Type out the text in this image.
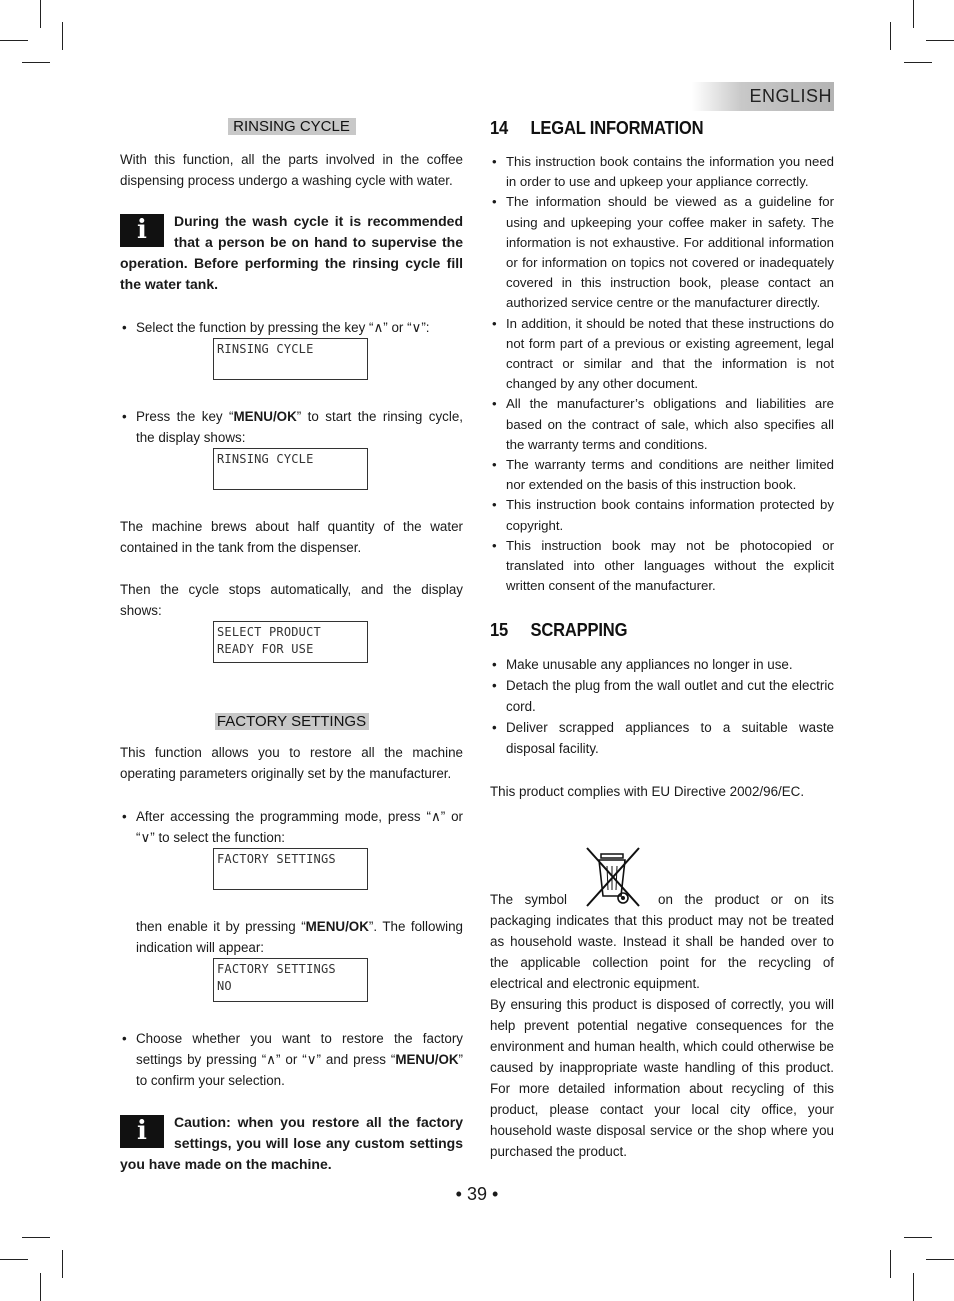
ENGLISH
RINSING CYCLE

With this function, all the parts involved in the coffee dispensing process undergo a washing cycle with water.

i	During the wash cycle it is recommended that a person be on hand to supervise the operation. Before performing the rinsing cycle fill the water tank.

• Select the function by pressing the key “∧” or “∨”:
RINSING CYCLE
• Press the key “MENU/OK” to start the rinsing cycle, the display shows:
RINSING CYCLE

The machine brews about half quantity of the water contained in the tank from the dispenser.

Then the cycle stops automatically, and the display shows:

SELECT PRODUCT
READY FOR USE
FACTORY SETTINGS

This function allows you to restore all the machine operating parameters originally set by the manufacturer.

• After accessing the programming mode, press “∧” or “∨” to select the function:
FACTORY SETTINGS
then enable it by pressing “MENU/OK”. The following indication will appear:
FACTORY SETTINGS
NO
• Choose whether you want to restore the factory settings by pressing “∧” or “∨” and press “MENU/OK” to confirm your selection.
i	Caution: when you restore all the factory settings, you will lose any custom settings you have made on the machine.

14 LEGAL INFORMATION
• This instruction book contains the information you need in order to use and upkeep your appliance correctly.
• The information should be viewed as a guideline for using and upkeeping your coffee maker in safety. The information is not exhaustive. For additional information or for information on topics not covered or inadequately covered in this instruction book, please contact an authorized service centre or the manufacturer directly.
• In addition, it should be noted that these instructions do not form part of a previous or existing agreement, legal contract or similar and that the information is not changed by any other document.
• All the manufacturer’s obligations and liabilities are based on the contract of sale, which also specifies all the warranty terms and conditions.
• The warranty terms and conditions are neither limited nor extended on the basis of this instruction book.
• This instruction book contains information protected by copyright.
• This instruction book may not be photocopied or translated into other languages without the explicit written consent of the manufacturer.
15 SCRAPPING
• Make unusable any appliances no longer in use.
• Detach the plug from the wall outlet and cut the electric cord.
• Deliver scrapped appliances to a suitable waste disposal facility.

This product complies with EU Directive 2002/96/EC.

The symbol	on the product or on its packaging indicates that this product may not be treated as household waste. Instead it shall be handed over to the applicable collection point for the recycling of electrical and electronic equipment.

By ensuring this product is disposed of correctly, you will help prevent potential negative consequences for the environment and human health, which could otherwise be caused by inappropriate waste handling of this product. For more detailed information about recycling of this product, please contact your local city office, your household waste disposal service or the shop where you purchased the product.

• 39 •
